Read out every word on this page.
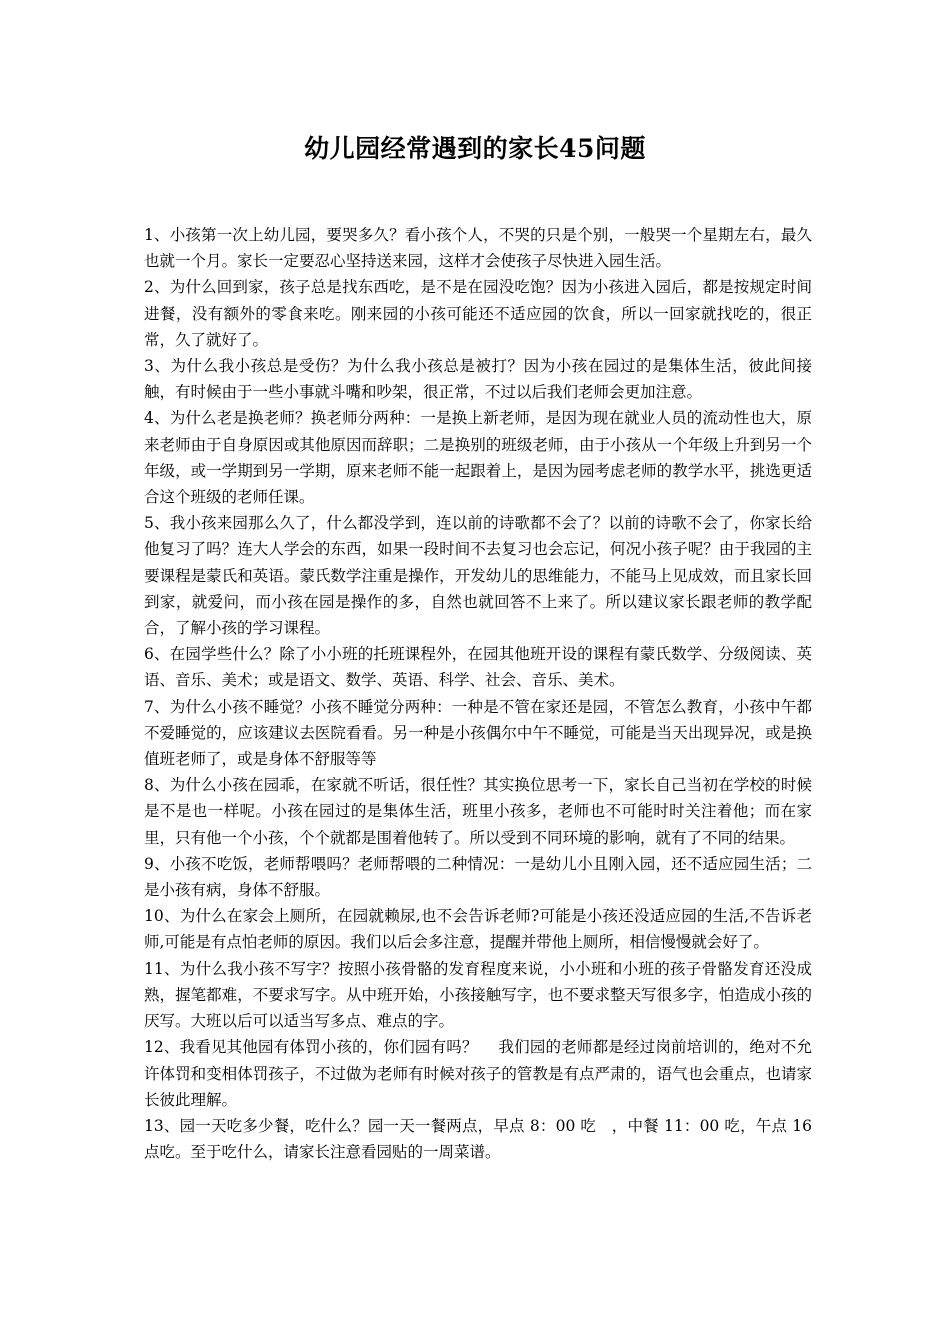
幼儿园经常遇到的家长45问题

1、小孩第一次上幼儿园，要哭多久？看小孩个人，不哭的只是个别，一般哭一个星期左右，最久也就一个月。家长一定要忍心坚持送来园，这样才会使孩子尽快进入园生活。

2、为什么回到家，孩子总是找东西吃，是不是在园没吃饱？因为小孩进入园后，都是按规定时间进餐，没有额外的零食来吃。刚来园的小孩可能还不适应园的饮食，所以一回家就找吃的，很正常，久了就好了。

3、为什么我小孩总是受伤？为什么我小孩总是被打？因为小孩在园过的是集体生活，彼此间接触，有时候由于一些小事就斗嘴和吵架，很正常，不过以后我们老师会更加注意。

4、为什么老是换老师？换老师分两种：一是换上新老师，是因为现在就业人员的流动性也大，原来老师由于自身原因或其他原因而辞职；二是换别的班级老师，由于小孩从一个年级上升到另一个年级，或一学期到另一学期，原来老师不能一起跟着上，是因为园考虑老师的教学水平，挑选更适合这个班级的老师任课。

5、我小孩来园那么久了，什么都没学到，连以前的诗歌都不会了？以前的诗歌不会了，你家长给他复习了吗？连大人学会的东西，如果一段时间不去复习也会忘记，何况小孩子呢？由于我园的主要课程是蒙氏和英语。蒙氏数学注重是操作，开发幼儿的思维能力，不能马上见成效，而且家长回到家，就爱问，而小孩在园是操作的多，自然也就回答不上来了。所以建议家长跟老师的教学配合，了解小孩的学习课程。

6、在园学些什么？除了小小班的托班课程外，在园其他班开设的课程有蒙氏数学、分级阅读、英语、音乐、美术；或是语文、数学、英语、科学、社会、音乐、美术。

7、为什么小孩不睡觉？小孩不睡觉分两种：一种是不管在家还是园，不管怎么教育，小孩中午都不爱睡觉的，应该建议去医院看看。另一种是小孩偶尔中午不睡觉，可能是当天出现异况，或是换值班老师了，或是身体不舒服等等

8、为什么小孩在园乖，在家就不听话，很任性？其实换位思考一下，家长自己当初在学校的时候是不是也一样呢。小孩在园过的是集体生活，班里小孩多，老师也不可能时时关注着他；而在家里，只有他一个小孩，个个就都是围着他转了。所以受到不同环境的影响，就有了不同的结果。

9、小孩不吃饭，老师帮喂吗？老师帮喂的二种情况：一是幼儿小且刚入园，还不适应园生活；二是小孩有病，身体不舒服。

10、为什么在家会上厕所，在园就赖尿,也不会告诉老师?可能是小孩还没适应园的生活,不告诉老师,可能是有点怕老师的原因。我们以后会多注意，提醒并带他上厕所，相信慢慢就会好了。

11、为什么我小孩不写字？按照小孩骨骼的发育程度来说，小小班和小班的孩子骨骼发育还没成熟，握笔都难，不要求写字。从中班开始，小孩接触写字，也不要求整天写很多字，怕造成小孩的厌写。大班以后可以适当写多点、难点的字。

12、我看见其他园有体罚小孩的，你们园有吗？　 我们园的老师都是经过岗前培训的，绝对不允许体罚和变相体罚孩子，不过做为老师有时候对孩子的管教是有点严肃的，语气也会重点，也请家长彼此理解。

13、园一天吃多少餐，吃什么？园一天一餐两点，早点 8：00 吃　，中餐 11：00 吃，午点 16 点吃。至于吃什么，请家长注意看园贴的一周菜谱。
